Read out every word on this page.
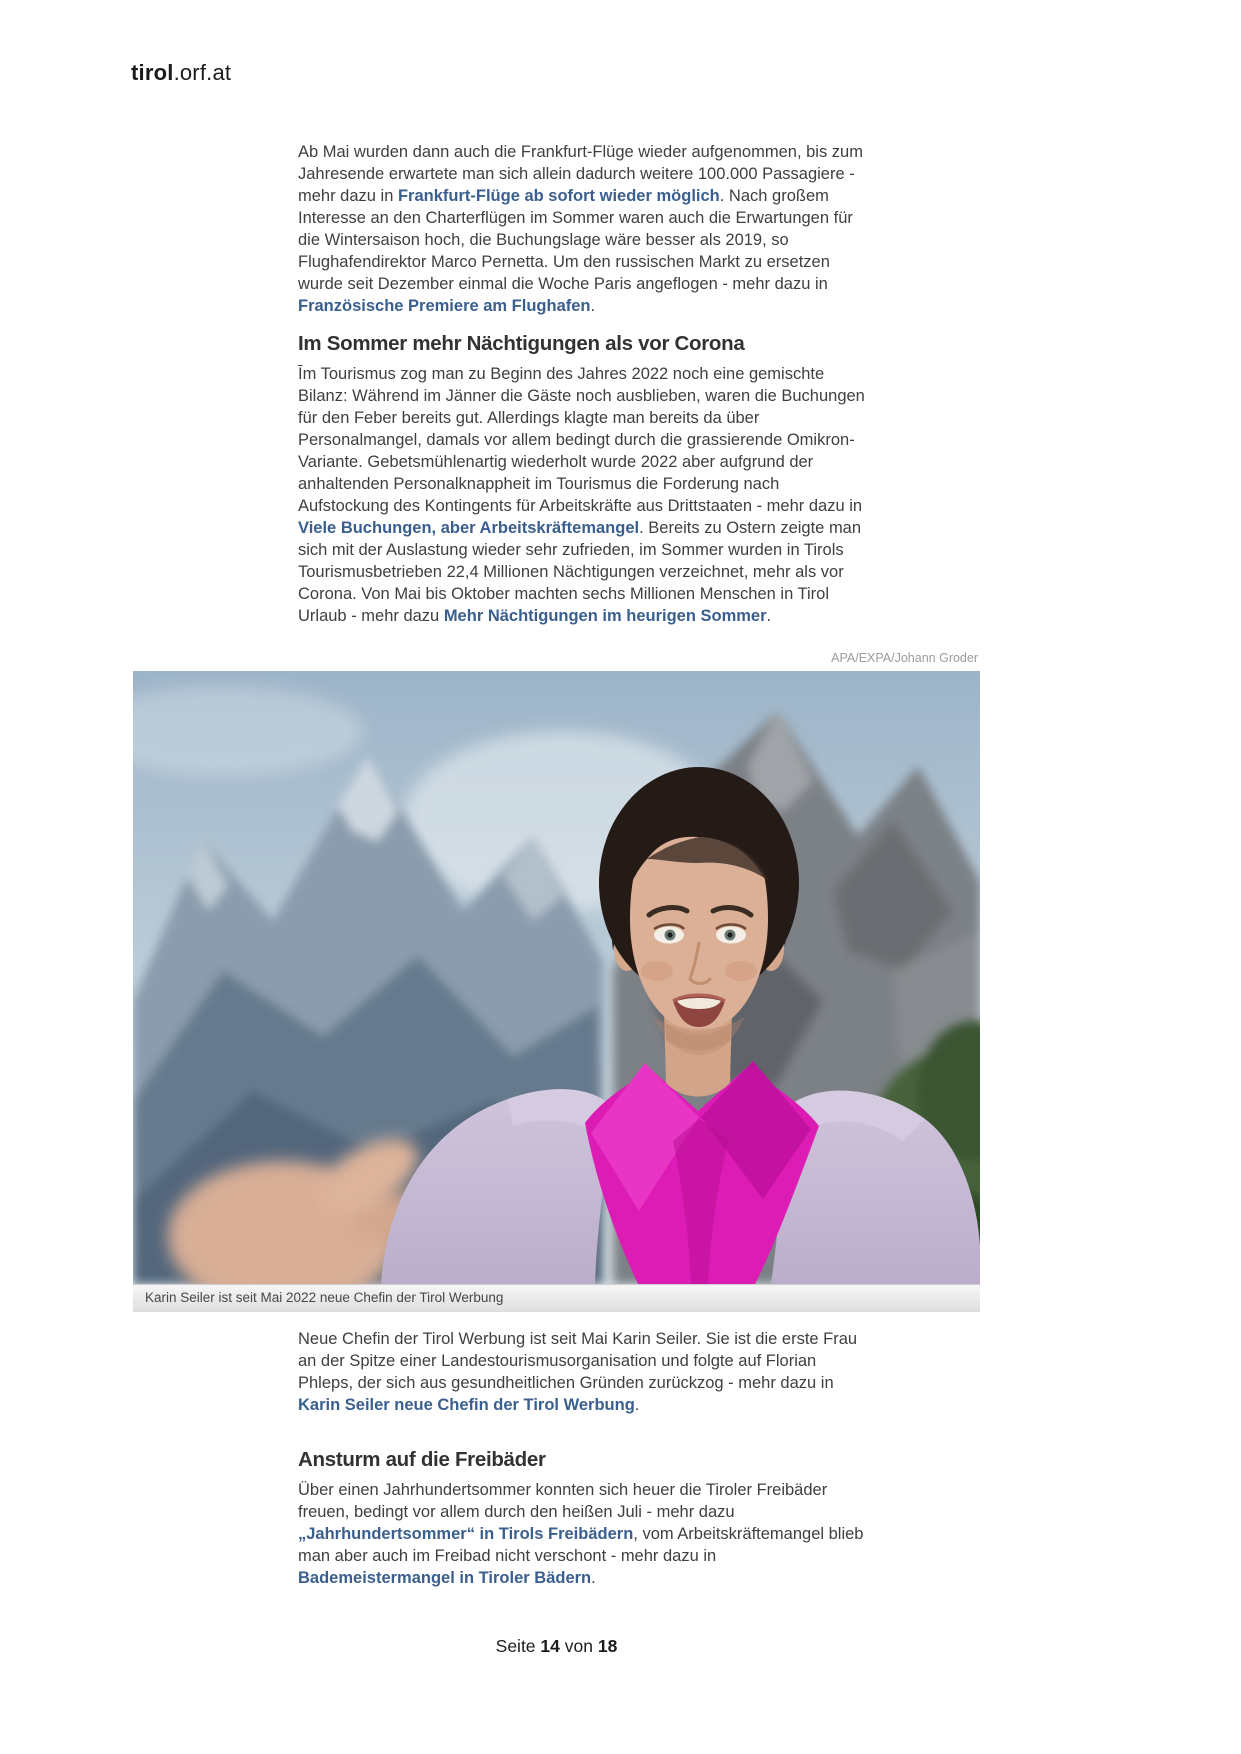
tirol.orf.at

Ab Mai wurden dann auch die Frankfurt-Flüge wieder aufgenommen, bis zum Jahresende erwartete man sich allein dadurch weitere 100.000 Passagiere - mehr dazu in Frankfurt-Flüge ab sofort wieder möglich. Nach großem Interesse an den Charterflügen im Sommer waren auch die Erwartungen für die Wintersaison hoch, die Buchungslage wäre besser als 2019, so Flughafendirektor Marco Pernetta. Um den russischen Markt zu ersetzen wurde seit Dezember einmal die Woche Paris angeflogen - mehr dazu in Französische Premiere am Flughafen.

Im Sommer mehr Nächtigungen als vor Corona

Īm Tourismus zog man zu Beginn des Jahres 2022 noch eine gemischte Bilanz: Während im Jänner die Gäste noch ausblieben, waren die Buchungen für den Feber bereits gut. Allerdings klagte man bereits da über Personalmangel, damals vor allem bedingt durch die grassierende Omikron-Variante. Gebetsmühlenartig wiederholt wurde 2022 aber aufgrund der anhaltenden Personalknappheit im Tourismus die Forderung nach Aufstockung des Kontingents für Arbeitskräfte aus Drittstaaten - mehr dazu in Viele Buchungen, aber Arbeitskräftemangel. Bereits zu Ostern zeigte man sich mit der Auslastung wieder sehr zufrieden, im Sommer wurden in Tirols Tourismusbetrieben 22,4 Millionen Nächtigungen verzeichnet, mehr als vor Corona. Von Mai bis Oktober machten sechs Millionen Menschen in Tirol Urlaub - mehr dazu Mehr Nächtigungen im heurigen Sommer.

APA/EXPA/Johann Groder
Karin Seiler ist seit Mai 2022 neue Chefin der Tirol Werbung

Neue Chefin der Tirol Werbung ist seit Mai Karin Seiler. Sie ist die erste Frau an der Spitze einer Landestourismusorganisation und folgte auf Florian Phleps, der sich aus gesundheitlichen Gründen zurückzog - mehr dazu in Karin Seiler neue Chefin der Tirol Werbung.

Ansturm auf die Freibäder

Über einen Jahrhundertsommer konnten sich heuer die Tiroler Freibäder freuen, bedingt vor allem durch den heißen Juli - mehr dazu „Jahrhundertsommer“ in Tirols Freibädern, vom Arbeitskräftemangel blieb man aber auch im Freibad nicht verschont - mehr dazu in Bademeistermangel in Tiroler Bädern.

Seite 14 von 18
